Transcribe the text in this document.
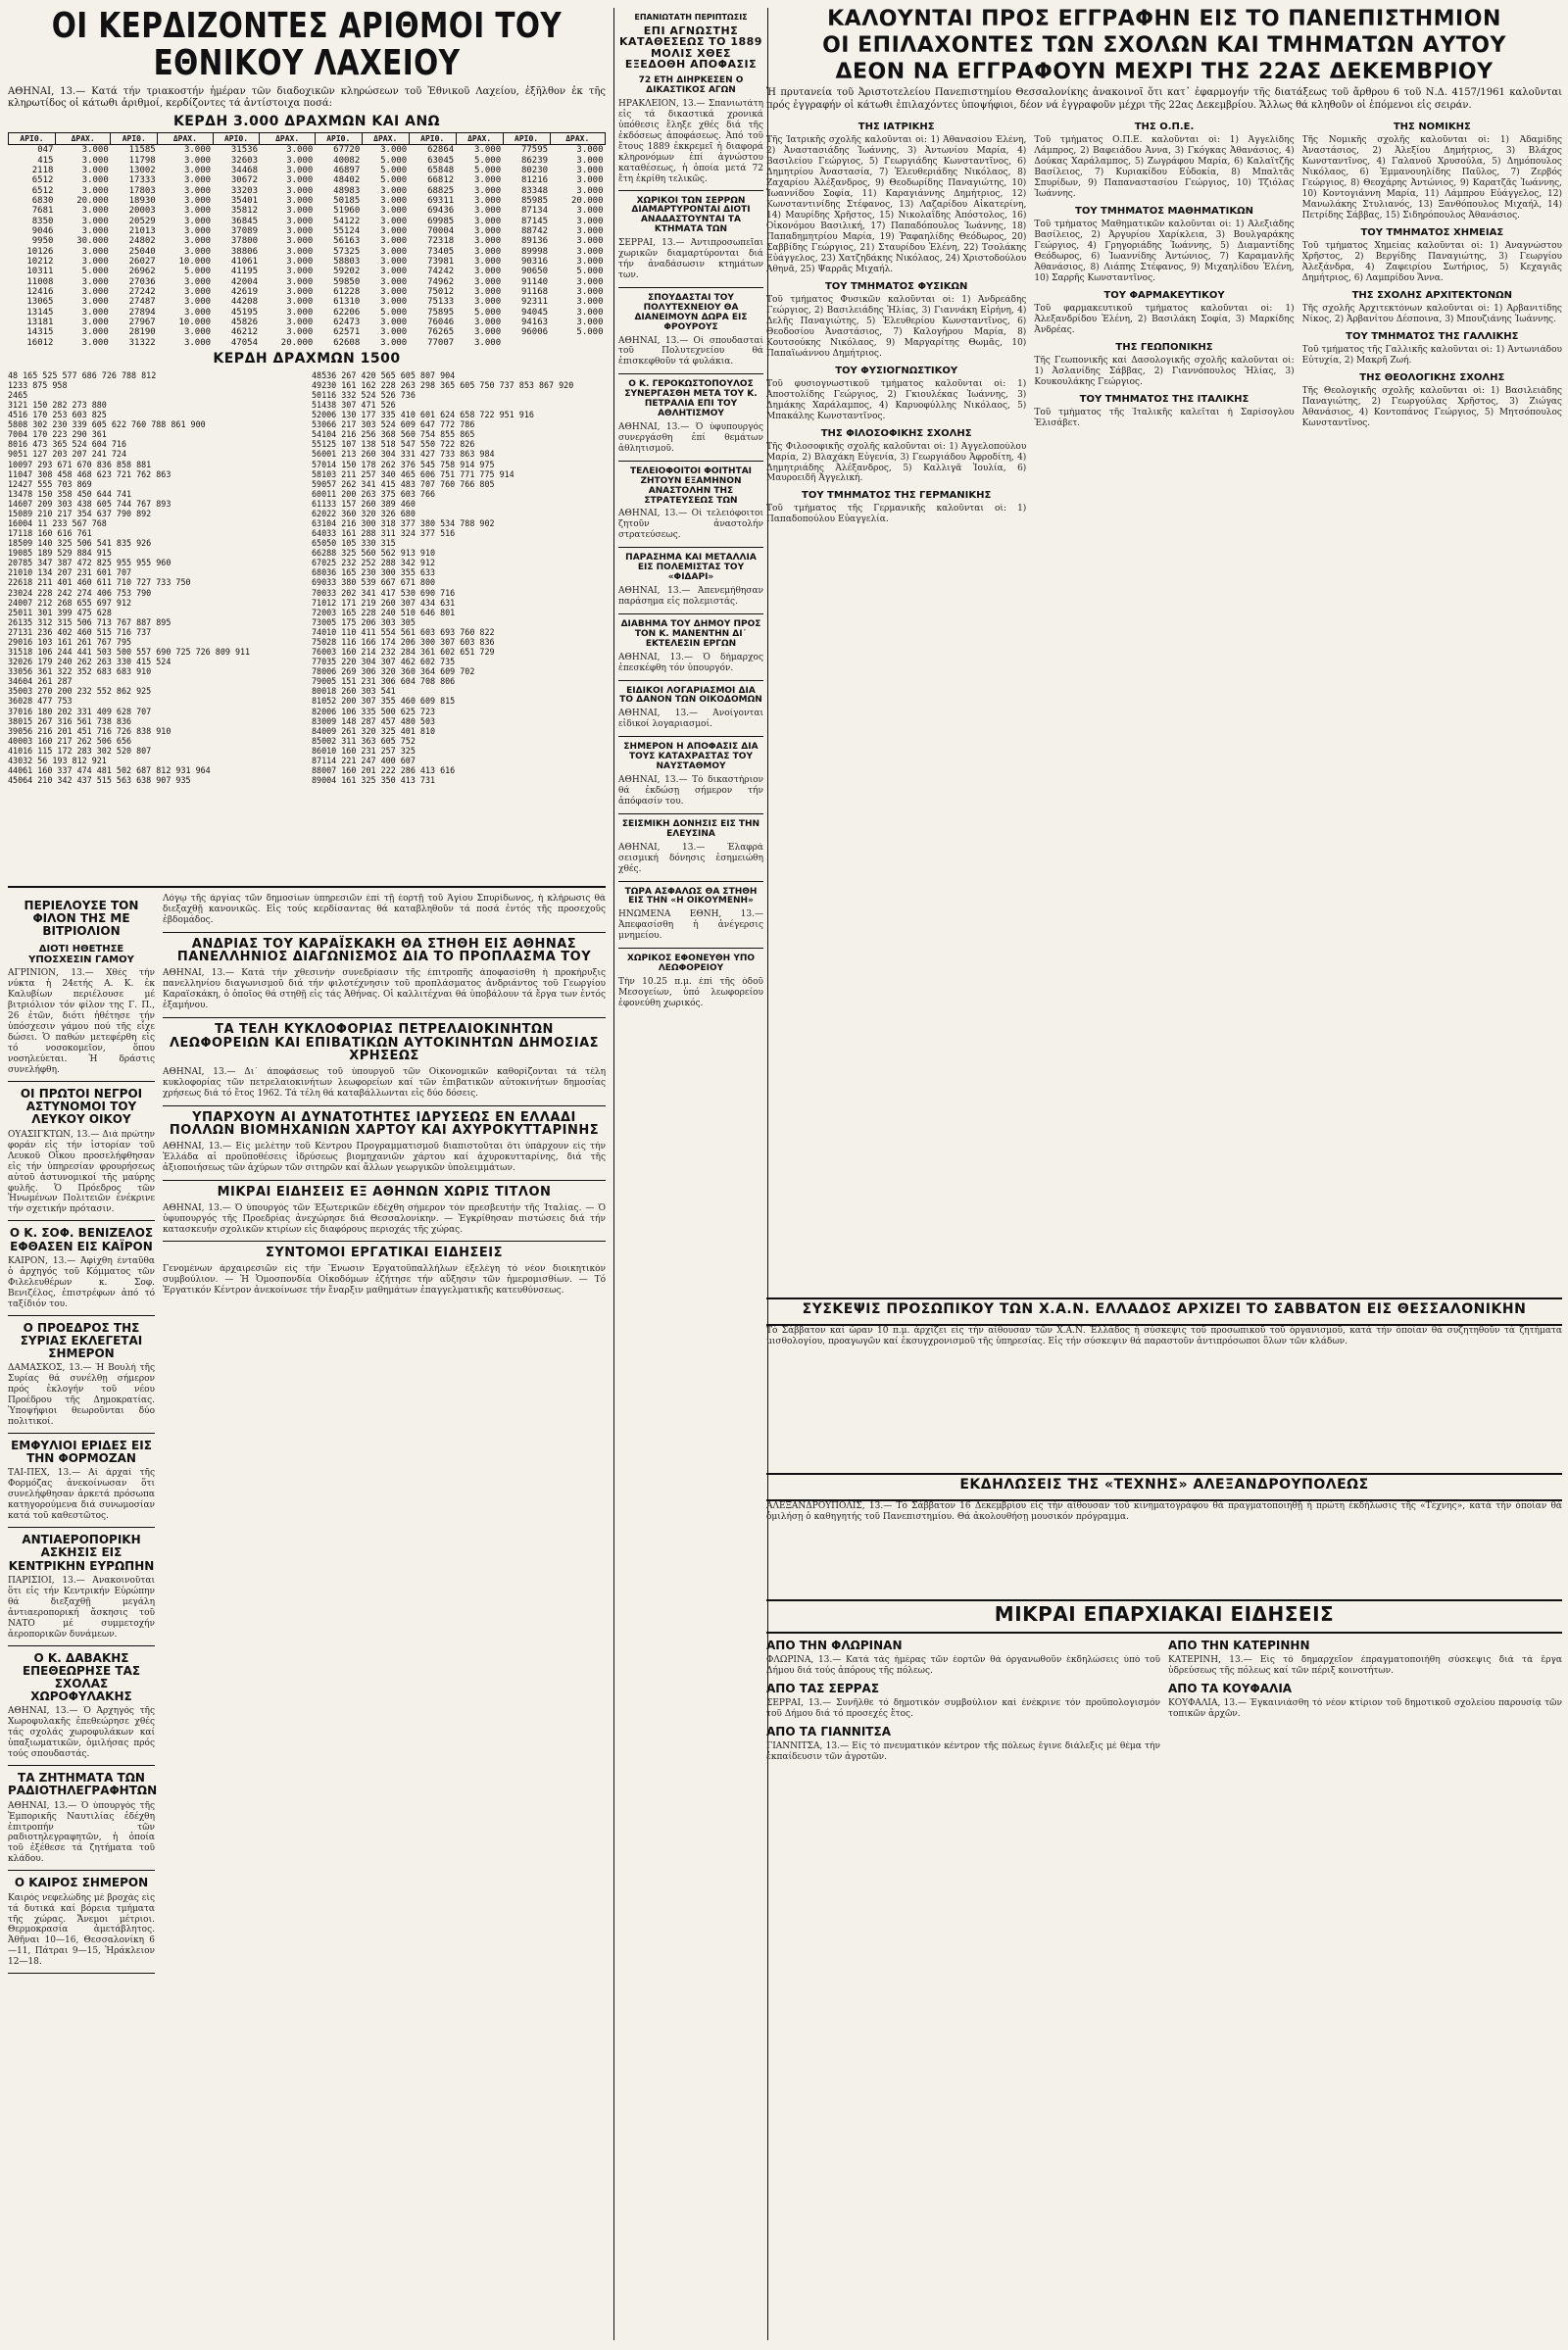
ΟΙ ΚΕΡΔΙΖΟΝΤΕΣ ΑΡΙΘΜΟΙ ΤΟΥ ΕΘΝΙΚΟΥ ΛΑΧΕΙΟΥ
ΑΘΗΝΑΙ, 13.— Κατά τήν τριακοστήν ἡμέραν τῶν διαδοχικῶν κληρώσεων τοῦ Ἐθνικοῦ Λαχείου, ἐξῆλθον ἐκ τῆς κληρωτίδος οἱ κάτωθι ἀριθμοί, κερδίζοντες τά ἀντίστοιχα ποσά:
ΚΕΡΔΗ 3.000 ΔΡΑΧΜΩΝ ΚΑΙ ΑΝΩ
ΑΡΙΘ.	ΔΡΑΧ.	ΑΡΙΘ.	ΔΡΑΧ.	ΑΡΙΘ.	ΔΡΑΧ.	ΑΡΙΘ.	ΔΡΑΧ.	ΑΡΙΘ.	ΔΡΑΧ.	ΑΡΙΘ.	ΔΡΑΧ.
047	3.000	11585	3.000	31536	3.000	67720	3.000	62864	3.000	77595	3.000
415	3.000	11798	3.000	32603	3.000	40082	5.000	63045	5.000	86239	3.000
2118	3.000	13002	3.000	34468	3.000	46897	5.000	65848	5.000	80230	3.000
6512	3.000	17333	3.000	30672	3.000	48402	5.000	66812	3.000	81216	3.000
6512	3.000	17803	3.000	33203	3.000	48983	3.000	68825	3.000	83348	3.000
6830	20.000	18930	3.000	35401	3.000	50185	3.000	69311	3.000	85985	20.000
7681	3.000	20003	3.000	35812	3.000	51960	3.000	69436	3.000	87134	3.000
8350	3.000	20529	3.000	36845	3.000	54122	3.000	69985	3.000	87145	3.000
9046	3.000	21013	3.000	37089	3.000	55124	3.000	70004	3.000	88742	3.000
9950	30.000	24802	3.000	37800	3.000	56163	3.000	72318	3.000	89136	3.000
10126	3.000	25040	3.000	38806	3.000	57325	3.000	73405	3.000	89998	3.000
10212	3.000	26027	10.000	41061	3.000	58803	3.000	73981	3.000	90316	3.000
10311	5.000	26962	5.000	41195	3.000	59202	3.000	74242	3.000	90650	5.000
11008	3.000	27036	3.000	42004	3.000	59850	3.000	74962	3.000	91140	3.000
12416	3.000	27242	3.000	42619	3.000	61228	3.000	75012	3.000	91168	3.000
13065	3.000	27487	3.000	44208	3.000	61310	3.000	75133	3.000	92311	3.000
13145	3.000	27894	3.000	45195	3.000	62206	5.000	75895	5.000	94045	3.000
13181	3.000	27967	10.000	45826	3.000	62473	3.000	76046	3.000	94163	3.000
14315	3.000	28190	3.000	46212	3.000	62571	3.000	76265	3.000	96006	5.000
16012	3.000	31322	3.000	47054	20.000	62608	3.000	77007	3.000		
ΚΕΡΔΗ ΔΡΑΧΜΩΝ 1500
48 165 525 577 686 726 788 812
1233 875 958
2465
3121 150 282 273 880
4516 170 253 603 825
5808 302 230 339 605 622 760 788 861 900
7004 170 223 290 361
8016 473 365 524 604 716
9051 127 203 207 241 724
10097 293 671 670 836 858 881
11047 308 458 468 623 721 762 863
12427 555 703 869
13478 150 358 450 644 741
14607 209 303 438 605 744 767 893
15089 210 217 354 637 790 892
16004 11 233 567 768
17118 160 616 761
18509 140 325 506 541 835 926
19085 189 529 884 915
20785 347 387 472 825 955 955 960
21010 134 207 231 601 707
22618 211 401 460 611 710 727 733 750
23024 228 242 274 406 753 790
24007 212 268 655 697 912
25011 301 399 475 628
26135 312 315 506 713 767 887 895
27131 236 402 460 515 716 737
29016 103 161 261 767 795
31518 106 244 441 503 500 557 690 725 726 809 911
32026 179 240 262 263 330 415 524
33056 361 322 352 683 683 910
34604 261 287
35003 270 200 232 552 862 925
36028 477 753
37016 180 202 331 409 628 707
38015 267 316 561 738 836
39056 216 201 451 716 726 838 910
40003 160 217 262 506 656
41016 115 172 283 302 520 807
43032 56 193 812 921
44061 160 337 474 481 502 687 812 931 964
45064 210 342 437 515 563 638 907 935
48536 267 420 565 605 807 904
49230 161 162 228 263 298 365 605 750 737 853 867 920
50116 332 524 526 736
51438 307 471 526
52006 130 177 335 410 601 624 658 722 951 916
53066 217 303 524 609 647 772 786
54104 216 256 368 560 754 855 865
55125 107 138 518 547 550 722 826
56001 213 260 304 331 427 733 863 984
57014 150 178 262 376 545 758 914 975
58103 211 257 340 465 606 751 771 775 914
59057 262 341 415 483 707 760 766 805
60011 200 263 375 603 766
61133 157 260 389 460
62022 360 320 326 680
63104 216 300 318 377 380 534 788 902
64033 161 288 311 324 377 516
65050 105 330 315
66288 325 560 562 913 910
67025 232 252 288 342 912
68036 165 230 300 355 633
69033 380 539 667 671 800
70033 202 341 417 530 690 716
71012 171 219 260 307 434 631
72003 165 228 240 510 646 801
73005 175 206 303 305
74010 110 411 554 561 603 693 760 822
75028 116 166 174 206 300 307 603 836
76003 160 214 232 284 361 602 651 729
77035 220 304 307 462 602 735
78006 269 306 320 360 364 609 702
79005 151 231 306 604 708 806
80018 260 303 541
81052 200 307 355 460 609 815
82006 106 335 500 625 723
83009 148 287 457 480 503
84009 261 320 325 401 810
85002 311 363 605 752
86010 160 231 257 325
87114 221 247 400 607
88007 160 201 222 286 413 616
89004 161 325 350 413 731
ΠΕΡΙΕΛΟΥΣΕ ΤΟΝ ΦΙΛΟΝ ΤΗΣ ΜΕ ΒΙΤΡΙΟΛΙΟΝ
ΔΙΟΤΙ ΗΘΕΤΗΣΕ ΥΠΟΣΧΕΣΙΝ ΓΑΜΟΥ
ΑΓΡΙΝΙΟΝ, 13.— Χθές τήν νύκτα ἡ 24ετής Α. Κ. ἐκ Καλυβίων περιέλουσε μέ βιτριόλιον τόν φίλον της Γ. Π., 26 ἐτῶν, διότι ἠθέτησε τήν ὑπόσχεσιν γάμου πού τῆς εἶχε δώσει. Ὁ παθών μετεφέρθη εἰς τό νοσοκομεῖον, ὅπου νοσηλεύεται. Ἡ δράστις συνελήφθη.
ΟΙ ΠΡΩΤΟΙ ΝΕΓΡΟΙ ΑΣΤΥΝΟΜΟΙ ΤΟΥ ΛΕΥΚΟΥ ΟΙΚΟΥ
ΟΥΑΣΙΓΚΤΩΝ, 13.— Διά πρώτην φοράν εἰς τήν ἱστορίαν τοῦ Λευκοῦ Οἴκου προσελήφθησαν εἰς τήν ὑπηρεσίαν φρουρήσεως αὐτοῦ ἀστυνομικοί τῆς μαύρης φυλῆς. Ὁ Πρόεδρος τῶν Ἡνωμένων Πολιτειῶν ἐνέκρινε τήν σχετικήν πρότασιν.
Ο Κ. ΣΟΦ. ΒΕΝΙΖΕΛΟΣ ΕΦΘΑΣΕΝ ΕΙΣ ΚΑΪΡΟΝ
ΚΑΪΡΟΝ, 13.— Ἀφίχθη ἐνταῦθα ὁ ἀρχηγός τοῦ Κόμματος τῶν Φιλελευθέρων κ. Σοφ. Βενιζέλος, ἐπιστρέφων ἀπό τό ταξίδιόν του.
Ο ΠΡΟΕΔΡΟΣ ΤΗΣ ΣΥΡΙΑΣ ΕΚΛΕΓΕΤΑΙ ΣΗΜΕΡΟΝ
ΔΑΜΑΣΚΟΣ, 13.— Ἡ Βουλή τῆς Συρίας θά συνέλθῃ σήμερον πρός ἐκλογήν τοῦ νέου Προέδρου τῆς Δημοκρατίας. Ὑποψήφιοι θεωροῦνται δύο πολιτικοί.
ΕΜΦΥΛΙΟΙ ΕΡΙΔΕΣ ΕΙΣ ΤΗΝ ΦΟΡΜΟΖΑΝ
ΤΑΪ-ΠΕΧ, 13.— Αἱ ἀρχαί τῆς Φορμόζας ἀνεκοίνωσαν ὅτι συνελήφθησαν ἀρκετά πρόσωπα κατηγορούμενα διά συνωμοσίαν κατά τοῦ καθεστῶτος.
ΑΝΤΙΑΕΡΟΠΟΡΙΚΗ ΑΣΚΗΣΙΣ ΕΙΣ ΚΕΝΤΡΙΚΗΝ ΕΥΡΩΠΗΝ
ΠΑΡΙΣΙΟΙ, 13.— Ἀνακοινοῦται ὅτι εἰς τήν Κεντρικήν Εὐρώπην θά διεξαχθῇ μεγάλη ἀντιαεροπορική ἄσκησις τοῦ ΝΑΤΟ μέ συμμετοχήν ἀεροπορικῶν δυνάμεων.
Ο Κ. ΔΑΒΑΚΗΣ ΕΠΕΘΕΩΡΗΣΕ ΤΑΣ ΣΧΟΛΑΣ ΧΩΡΟΦΥΛΑΚΗΣ
ΑΘΗΝΑΙ, 13.— Ὁ Ἀρχηγός τῆς Χωροφυλακῆς ἐπεθεώρησε χθές τάς σχολάς χωροφυλάκων καί ὑπαξιωματικῶν, ὁμιλήσας πρός τούς σπουδαστάς.
ΤΑ ΖΗΤΗΜΑΤΑ ΤΩΝ ΡΑΔΙΟΤΗΛΕΓΡΑΦΗΤΩΝ
ΑΘΗΝΑΙ, 13.— Ὁ ὑπουργός τῆς Ἐμπορικῆς Ναυτιλίας ἐδέχθη ἐπιτροπήν τῶν ραδιοτηλεγραφητῶν, ἡ ὁποία τοῦ ἐξέθεσε τά ζητήματα τοῦ κλάδου.
Ο ΚΑΙΡΟΣ ΣΗΜΕΡΟΝ
Καιρός νεφελώδης μέ βροχάς εἰς τά δυτικά καί βόρεια τμήματα τῆς χώρας. Ἄνεμοι μέτριοι. Θερμοκρασία ἀμετάβλητος. Ἀθῆναι 10—16, Θεσσαλονίκη 6—11, Πάτραι 9—15, Ἡράκλειον 12—18.
Λόγῳ τῆς ἀργίας τῶν δημοσίων ὑπηρεσιῶν ἐπί τῇ ἑορτῇ τοῦ Ἁγίου Σπυρίδωνος, ἡ κλήρωσις θά διεξαχθῇ κανονικῶς. Εἰς τούς κερδίσαντας θά καταβληθοῦν τά ποσά ἐντός τῆς προσεχοῦς ἑβδομάδος.
ΑΝΔΡΙΑΣ ΤΟΥ ΚΑΡΑΪΣΚΑΚΗ ΘΑ ΣΤΗΘΗ ΕΙΣ ΑΘΗΝΑΣ ΠΑΝΕΛΛΗΝΙΟΣ ΔΙΑΓΩΝΙΣΜΟΣ ΔΙΑ ΤΟ ΠΡΟΠΛΑΣΜΑ ΤΟΥ
ΑΘΗΝΑΙ, 13.— Κατά τήν χθεσινήν συνεδρίασιν τῆς ἐπιτροπῆς ἀποφασίσθη ἡ προκήρυξις πανελληνίου διαγωνισμοῦ διά τήν φιλοτέχνησιν τοῦ προπλάσματος ἀνδριάντος τοῦ Γεωργίου Καραϊσκάκη, ὁ ὁποῖος θά στηθῇ εἰς τάς Ἀθήνας. Οἱ καλλιτέχναι θά ὑποβάλουν τά ἔργα των ἐντός ἑξαμήνου.
ΤΑ ΤΕΛΗ ΚΥΚΛΟΦΟΡΙΑΣ ΠΕΤΡΕΛΑΙΟΚΙΝΗΤΩΝ ΛΕΩΦΟΡΕΙΩΝ ΚΑΙ ΕΠΙΒΑΤΙΚΩΝ ΑΥΤΟΚΙΝΗΤΩΝ ΔΗΜΟΣΙΑΣ ΧΡΗΣΕΩΣ
ΑΘΗΝΑΙ, 13.— Δι᾿ ἀποφάσεως τοῦ ὑπουργοῦ τῶν Οἰκονομικῶν καθορίζονται τά τέλη κυκλοφορίας τῶν πετρελαιοκινήτων λεωφορείων καί τῶν ἐπιβατικῶν αὐτοκινήτων δημοσίας χρήσεως διά τό ἔτος 1962. Τά τέλη θά καταβάλλωνται εἰς δύο δόσεις.
ΥΠΑΡΧΟΥΝ ΑΙ ΔΥΝΑΤΟΤΗΤΕΣ ΙΔΡΥΣΕΩΣ ΕΝ ΕΛΛΑΔΙ ΠΟΛΛΩΝ ΒΙΟΜΗΧΑΝΙΩΝ ΧΑΡΤΟΥ ΚΑΙ ΑΧΥΡΟΚΥΤΤΑΡΙΝΗΣ
ΑΘΗΝΑΙ, 13.— Εἰς μελέτην τοῦ Κέντρου Προγραμματισμοῦ διαπιστοῦται ὅτι ὑπάρχουν εἰς τήν Ἑλλάδα αἱ προϋποθέσεις ἱδρύσεως βιομηχανιῶν χάρτου καί ἀχυροκυτταρίνης, διά τῆς ἀξιοποιήσεως τῶν ἀχύρων τῶν σιτηρῶν καί ἄλλων γεωργικῶν ὑπολειμμάτων.
ΜΙΚΡΑΙ ΕΙΔΗΣΕΙΣ ΕΞ ΑΘΗΝΩΝ ΧΩΡΙΣ ΤΙΤΛΟΝ
ΑΘΗΝΑΙ, 13.— Ὁ ὑπουργός τῶν Ἐξωτερικῶν ἐδέχθη σήμερον τόν πρεσβευτήν τῆς Ἰταλίας. — Ὁ ὑφυπουργός τῆς Προεδρίας ἀνεχώρησε διά Θεσσαλονίκην. — Ἐγκρίθησαν πιστώσεις διά τήν κατασκευήν σχολικῶν κτιρίων εἰς διαφόρους περιοχάς τῆς χώρας.
ΣΥΝΤΟΜΟΙ ΕΡΓΑΤΙΚΑΙ ΕΙΔΗΣΕΙΣ
Γενομένων ἀρχαιρεσιῶν εἰς τήν Ἕνωσιν Ἐργατοϋπαλλήλων ἐξελέγη τό νέον διοικητικόν συμβούλιον. — Ἡ Ὁμοσπονδία Οἰκοδόμων ἐζήτησε τήν αὔξησιν τῶν ἡμερομισθίων. — Τό Ἐργατικόν Κέντρον ἀνεκοίνωσε τήν ἔναρξιν μαθημάτων ἐπαγγελματικῆς κατευθύνσεως.
ΕΠΑΝΙΩΤΑΤΗ ΠΕΡΙΠΤΩΣΙΣ
ΕΠΙ ΑΓΝΩΣΤΗΣ ΚΑΤΑΘΕΣΕΩΣ ΤΟ 1889 ΜΟΛΙΣ ΧΘΕΣ ΕΞΕΔΟΘΗ ΑΠΟΦΑΣΙΣ
72 ΕΤΗ ΔΙΗΡΚΕΣΕΝ Ο ΔΙΚΑΣΤΙΚΟΣ ΑΓΩΝ
ΗΡΑΚΛΕΙΟΝ, 13.— Σπανιωτάτη εἰς τά δικαστικά χρονικά ὑπόθεσις ἔληξε χθές διά τῆς ἐκδόσεως ἀποφάσεως. Ἀπό τοῦ ἔτους 1889 ἐκκρεμεῖ ἡ διαφορά κληρονόμων ἐπί ἀγνώστου καταθέσεως, ἡ ὁποία μετά 72 ἔτη ἐκρίθη τελικῶς.
ΧΩΡΙΚΟΙ ΤΩΝ ΣΕΡΡΩΝ ΔΙΑΜΑΡΤΥΡΟΝΤΑΙ ΔΙΟΤΙ ΑΝΑΔΑΣΤΟΥΝΤΑΙ ΤΑ ΚΤΗΜΑΤΑ ΤΩΝ
ΣΕΡΡΑΙ, 13.— Ἀντιπροσωπεῖαι χωρικῶν διαμαρτύρονται διά τήν ἀναδάσωσιν κτημάτων των.
ΣΠΟΥΔΑΣΤΑΙ ΤΟΥ ΠΟΛΥΤΕΧΝΕΙΟΥ ΘΑ ΔΙΑΝΕΙΜΟΥΝ ΔΩΡΑ ΕΙΣ ΦΡΟΥΡΟΥΣ
ΑΘΗΝΑΙ, 13.— Οἱ σπουδασταί τοῦ Πολυτεχνείου θά ἐπισκεφθοῦν τά φυλάκια.
Ο Κ. ΓΕΡΟΚΩΣΤΟΠΟΥΛΟΣ ΣΥΝΕΡΓΑΣΘΗ ΜΕΤΑ ΤΟΥ Κ. ΠΕΤΡΑΛΙΑ ΕΠΙ ΤΟΥ ΑΘΛΗΤΙΣΜΟΥ
ΑΘΗΝΑΙ, 13.— Ὁ ὑφυπουργός συνεργάσθη ἐπί θεμάτων ἀθλητισμοῦ.
ΤΕΛΕΙΟΦΟΙΤΟΙ ΦΟΙΤΗΤΑΙ ΖΗΤΟΥΝ ΕΞΑΜΗΝΟΝ ΑΝΑΣΤΟΛΗΝ ΤΗΣ ΣΤΡΑΤΕΥΣΕΩΣ ΤΩΝ
ΑΘΗΝΑΙ, 13.— Οἱ τελειόφοιτοι ζητοῦν ἀναστολήν στρατεύσεως.
ΠΑΡΑΣΗΜΑ ΚΑΙ ΜΕΤΑΛΛΙΑ ΕΙΣ ΠΟΛΕΜΙΣΤΑΣ ΤΟΥ «ΦΙΔΑΡΙ»
ΑΘΗΝΑΙ, 13.— Ἀπενεμήθησαν παράσημα εἰς πολεμιστάς.
ΔΙΑΒΗΜΑ ΤΟΥ ΔΗΜΟΥ ΠΡΟΣ ΤΟΝ Κ. ΜΑΝΕΝΤΗΝ ΔΙ᾿ ΕΚΤΕΛΕΣΙΝ ΕΡΓΩΝ
ΑΘΗΝΑΙ, 13.— Ὁ δήμαρχος ἐπεσκέφθη τόν ὑπουργόν.
ΕΙΔΙΚΟΙ ΛΟΓΑΡΙΑΣΜΟΙ ΔΙΑ ΤΟ ΔΑΝΟΝ ΤΩΝ ΟΙΚΟΔΟΜΩΝ
ΑΘΗΝΑΙ, 13.— Ἀνοίγονται εἰδικοί λογαριασμοί.
ΣΗΜΕΡΟΝ Η ΑΠΟΦΑΣΙΣ ΔΙΑ ΤΟΥΣ ΚΑΤΑΧΡΑΣΤΑΣ ΤΟΥ ΝΑΥΣΤΑΘΜΟΥ
ΑΘΗΝΑΙ, 13.— Τό δικαστήριον θά ἐκδώσῃ σήμερον τήν ἀπόφασίν του.
ΣΕΙΣΜΙΚΗ ΔΟΝΗΣΙΣ ΕΙΣ ΤΗΝ ΕΛΕΥΣΙΝΑ
ΑΘΗΝΑΙ, 13.— Ἐλαφρά σεισμική δόνησις ἐσημειώθη χθές.
ΤΩΡΑ ΑΣΦΑΛΩΣ ΘΑ ΣΤΗΘΗ ΕΙΣ ΤΗΝ «Η ΟΙΚΟΥΜΕΝΗ»
ΗΝΩΜΕΝΑ ΕΘΝΗ, 13.— Ἀπεφασίσθη ἡ ἀνέγερσις μνημείου.
ΧΩΡΙΚΟΣ ΕΦΟΝΕΥΘΗ ΥΠΟ ΛΕΩΦΟΡΕΙΟΥ
Τήν 10.25 π.μ. ἐπί τῆς ὁδοῦ Μεσογείων, ὑπό λεωφορείου ἐφονεύθη χωρικός.
ΚΑΛΟΥΝΤΑΙ ΠΡΟΣ ΕΓΓΡΑΦΗΝ ΕΙΣ ΤΟ ΠΑΝΕΠΙΣΤΗΜΙΟΝ
ΟΙ ΕΠΙΛΑΧΟΝΤΕΣ ΤΩΝ ΣΧΟΛΩΝ ΚΑΙ ΤΜΗΜΑΤΩΝ ΑΥΤΟΥ
ΔΕΟΝ ΝΑ ΕΓΓΡΑΦΟΥΝ ΜΕΧΡΙ ΤΗΣ 22ΑΣ ΔΕΚΕΜΒΡΙΟΥ
Ἡ πρυτανεία τοῦ Ἀριστοτελείου Πανεπιστημίου Θεσσαλονίκης ἀνακοινοῖ ὅτι κατ᾿ ἐφαρμογήν τῆς διατάξεως τοῦ ἄρθρου 6 τοῦ Ν.Δ. 4157/1961 καλοῦνται πρός ἐγγραφήν οἱ κάτωθι ἐπιλαχόντες ὑποψήφιοι, δέον νά ἐγγραφοῦν μέχρι τῆς 22ας Δεκεμβρίου. Ἄλλως θά κληθοῦν οἱ ἑπόμενοι εἰς σειράν.
ΤΗΣ ΙΑΤΡΙΚΗΣ
Τῆς Ἰατρικῆς σχολῆς καλοῦνται οἱ: 1) Ἀθανασίου Ἐλένη, 2) Ἀναστασιάδης Ἰωάννης, 3) Ἀντωνίου Μαρία, 4) Βασιλείου Γεώργιος, 5) Γεωργιάδης Κωνσταντῖνος, 6) Δημητρίου Ἀναστασία, 7) Ἐλευθεριάδης Νικόλαος, 8) Ζαχαρίου Ἀλέξανδρος, 9) Θεοδωρίδης Παναγιώτης, 10) Ἰωαννίδου Σοφία, 11) Καραγιάννης Δημήτριος, 12) Κωνσταντινίδης Στέφανος, 13) Λαζαρίδου Αἰκατερίνη, 14) Μαυρίδης Χρῆστος, 15) Νικολαΐδης Ἀπόστολος, 16) Οἰκονόμου Βασιλική, 17) Παπαδόπουλος Ἰωάννης, 18) Παπαδημητρίου Μαρία, 19) Ῥαφαηλίδης Θεόδωρος, 20) Σαββίδης Γεώργιος, 21) Σταυρίδου Ἑλένη, 22) Τσολάκης Εὐάγγελος, 23) Χατζηδάκης Νικόλαος, 24) Χριστοδούλου Ἀθηνᾶ, 25) Ψαρρᾶς Μιχαήλ.
ΤΟΥ ΤΜΗΜΑΤΟΣ ΦΥΣΙΚΩΝ
Τοῦ τμήματος Φυσικῶν καλοῦνται οἱ: 1) Ἀνδρεάδης Γεώργιος, 2) Βασιλειάδης Ἠλίας, 3) Γιαννάκη Εἰρήνη, 4) Δελῆς Παναγιώτης, 5) Ἐλευθερίου Κωνσταντῖνος, 6) Θεοδοσίου Ἀναστάσιος, 7) Καλογήρου Μαρία, 8) Κουτσούκης Νικόλαος, 9) Μαργαρίτης Θωμᾶς, 10) Παπαϊωάννου Δημήτριος.
ΤΟΥ ΦΥΣΙΟΓΝΩΣΤΙΚΟΥ
Τοῦ φυσιογνωστικοῦ τμήματος καλοῦνται οἱ: 1) Ἀποστολίδης Γεώργιος, 2) Γκιουλέκας Ἰωάννης, 3) Δημάκης Χαράλαμπος, 4) Καρυοφύλλης Νικόλαος, 5) Μπακάλης Κωνσταντῖνος.
ΤΗΣ ΦΙΛΟΣΟΦΙΚΗΣ ΣΧΟΛΗΣ
Τῆς Φιλοσοφικῆς σχολῆς καλοῦνται οἱ: 1) Ἀγγελοπούλου Μαρία, 2) Βλαχάκη Εὐγενία, 3) Γεωργιάδου Ἀφροδίτη, 4) Δημητριάδης Ἀλέξανδρος, 5) Καλλιγᾶ Ἰουλία, 6) Μαυροειδῆ Ἀγγελική.
ΤΟΥ ΤΜΗΜΑΤΟΣ ΤΗΣ ΓΕΡΜΑΝΙΚΗΣ
Τοῦ τμήματος τῆς Γερμανικῆς καλοῦνται οἱ: 1) Παπαδοπούλου Εὐαγγελία.
ΤΗΣ Ο.Π.Ε.
Τοῦ τμήματος Ο.Π.Ε. καλοῦνται οἱ: 1) Ἀγγελίδης Λάμπρος, 2) Βαφειάδου Ἀννα, 3) Γκόγκας Ἀθανάσιος, 4) Δούκας Χαράλαμπος, 5) Ζωγράφου Μαρία, 6) Καλαϊτζῆς Βασίλειος, 7) Κυριακίδου Εὐδοκία, 8) Μπαλτᾶς Σπυρίδων, 9) Παπαναστασίου Γεώργιος, 10) Τζιόλας Ἰωάννης.
ΤΟΥ ΤΜΗΜΑΤΟΣ ΜΑΘΗΜΑΤΙΚΩΝ
Τοῦ τμήματος Μαθηματικῶν καλοῦνται οἱ: 1) Ἀλεξιάδης Βασίλειος, 2) Ἀργυρίου Χαρίκλεια, 3) Βουλγαράκης Γεώργιος, 4) Γρηγοριάδης Ἰωάννης, 5) Διαμαντίδης Θεόδωρος, 6) Ἰωαννίδης Ἀντώνιος, 7) Καραμανλῆς Ἀθανάσιος, 8) Λιάπης Στέφανος, 9) Μιχαηλίδου Ἑλένη, 10) Σαρρῆς Κωνσταντῖνος.
ΤΟΥ ΦΑΡΜΑΚΕΥΤΙΚΟΥ
Τοῦ φαρμακευτικοῦ τμήματος καλοῦνται οἱ: 1) Ἀλεξανδρίδου Ἑλένη, 2) Βασιλάκη Σοφία, 3) Μαρκίδης Ἀνδρέας.
ΤΗΣ ΓΕΩΠΟΝΙΚΗΣ
Τῆς Γεωπονικῆς καί Δασολογικῆς σχολῆς καλοῦνται οἱ: 1) Ἀσλανίδης Σάββας, 2) Γιαννόπουλος Ἠλίας, 3) Κουκουλάκης Γεώργιος.
ΤΟΥ ΤΜΗΜΑΤΟΣ ΤΗΣ ΙΤΑΛΙΚΗΣ
Τοῦ τμήματος τῆς Ἰταλικῆς καλεῖται ἡ Σαρίσογλου Ἐλισάβετ.
ΤΗΣ ΝΟΜΙΚΗΣ
Τῆς Νομικῆς σχολῆς καλοῦνται οἱ: 1) Ἀδαμίδης Ἀναστάσιος, 2) Ἀλεξίου Δημήτριος, 3) Βλάχος Κωνσταντῖνος, 4) Γαλανοῦ Χρυσούλα, 5) Δημόπουλος Νικόλαος, 6) Ἐμμανουηλίδης Παῦλος, 7) Ζερβός Γεώργιος, 8) Θεοχάρης Ἀντώνιος, 9) Καρατζᾶς Ἰωάννης, 10) Κοντογιάννη Μαρία, 11) Λάμπρου Εὐάγγελος, 12) Μανωλάκης Στυλιανός, 13) Ξανθόπουλος Μιχαήλ, 14) Πετρίδης Σάββας, 15) Σιδηρόπουλος Ἀθανάσιος.
ΤΟΥ ΤΜΗΜΑΤΟΣ ΧΗΜΕΙΑΣ
Τοῦ τμήματος Χημείας καλοῦνται οἱ: 1) Ἀναγνώστου Χρῆστος, 2) Βεργίδης Παναγιώτης, 3) Γεωργίου Ἀλεξάνδρα, 4) Ζαφειρίου Σωτήριος, 5) Κεχαγιᾶς Δημήτριος, 6) Λαμπρίδου Ἄννα.
ΤΗΣ ΣΧΟΛΗΣ ΑΡΧΙΤΕΚΤΟΝΩΝ
Τῆς σχολῆς Ἀρχιτεκτόνων καλοῦνται οἱ: 1) Ἀρβανιτίδης Νίκος, 2) Ἀρβανίτου Δέσποινα, 3) Μπουζιάνης Ἰωάννης.
ΤΟΥ ΤΜΗΜΑΤΟΣ ΤΗΣ ΓΑΛΛΙΚΗΣ
Τοῦ τμήματος τῆς Γαλλικῆς καλοῦνται οἱ: 1) Ἀντωνιάδου Εὐτυχία, 2) Μακρῆ Ζωή.
ΤΗΣ ΘΕΟΛΟΓΙΚΗΣ ΣΧΟΛΗΣ
Τῆς Θεολογικῆς σχολῆς καλοῦνται οἱ: 1) Βασιλειάδης Παναγιώτης, 2) Γεωργούλας Χρῆστος, 3) Ζιώγας Ἀθανάσιος, 4) Κοντοπάνος Γεώργιος, 5) Μητσόπουλος Κωνσταντῖνος.
ΣΥΣΚΕΨΙΣ ΠΡΟΣΩΠΙΚΟΥ ΤΩΝ Χ.Α.Ν. ΕΛΛΑΔΟΣ ΑΡΧΙΖΕΙ ΤΟ ΣΑΒΒΑΤΟΝ ΕΙΣ ΘΕΣΣΑΛΟΝΙΚΗΝ
Τό Σάββατον καί ὥραν 10 π.μ. ἀρχίζει εἰς τήν αἴθουσαν τῶν Χ.Α.Ν. Ἑλλάδος ἡ σύσκεψις τοῦ προσωπικοῦ τοῦ ὀργανισμοῦ, κατά τήν ὁποίαν θά συζητηθοῦν τά ζητήματα μισθολογίου, προαγωγῶν καί ἐκσυγχρονισμοῦ τῆς ὑπηρεσίας. Εἰς τήν σύσκεψιν θά παραστοῦν ἀντιπρόσωποι ὅλων τῶν κλάδων.
ΕΚΔΗΛΩΣΕΙΣ ΤΗΣ «ΤΕΧΝΗΣ» ΑΛΕΞΑΝΔΡΟΥΠΟΛΕΩΣ
ΑΛΕΞΑΝΔΡΟΥΠΟΛΙΣ, 13.— Τό Σάββατον 16 Δεκεμβρίου εἰς τήν αἴθουσαν τοῦ κινηματογράφου θά πραγματοποιηθῇ ἡ πρώτη ἐκδήλωσις τῆς «Τέχνης», κατά τήν ὁποίαν θά ὁμιλήσῃ ὁ καθηγητής τοῦ Πανεπιστημίου. Θά ἀκολουθήσῃ μουσικόν πρόγραμμα.
ΜΙΚΡΑΙ ΕΠΑΡΧΙΑΚΑΙ ΕΙΔΗΣΕΙΣ
ΑΠΟ ΤΗΝ ΦΛΩΡΙΝΑΝ
ΦΛΩΡΙΝΑ, 13.— Κατά τάς ἡμέρας τῶν ἑορτῶν θά ὀργανωθοῦν ἐκδηλώσεις ὑπό τοῦ Δήμου διά τούς ἀπόρους τῆς πόλεως.
ΑΠΟ ΤΑΣ ΣΕΡΡΑΣ
ΣΕΡΡΑΙ, 13.— Συνῆλθε τό δημοτικόν συμβούλιον καί ἐνέκρινε τόν προϋπολογισμόν τοῦ Δήμου διά τό προσεχές ἔτος.
ΑΠΟ ΤΑ ΓΙΑΝΝΙΤΣΑ
ΓΙΑΝΝΙΤΣΑ, 13.— Εἰς τό πνευματικόν κέντρον τῆς πόλεως ἔγινε διάλεξις μέ θέμα τήν ἐκπαίδευσιν τῶν ἀγροτῶν.
ΑΠΟ ΤΗΝ ΚΑΤΕΡΙΝΗΝ
ΚΑΤΕΡΙΝΗ, 13.— Εἰς τό δημαρχεῖον ἐπραγματοποιήθη σύσκεψις διά τά ἔργα ὑδρεύσεως τῆς πόλεως καί τῶν πέριξ κοινοτήτων.
ΑΠΟ ΤΑ ΚΟΥΦΑΛΙΑ
ΚΟΥΦΑΛΙΑ, 13.— Ἐγκαινιάσθη τό νέον κτίριον τοῦ δημοτικοῦ σχολείου παρουσίᾳ τῶν τοπικῶν ἀρχῶν.
